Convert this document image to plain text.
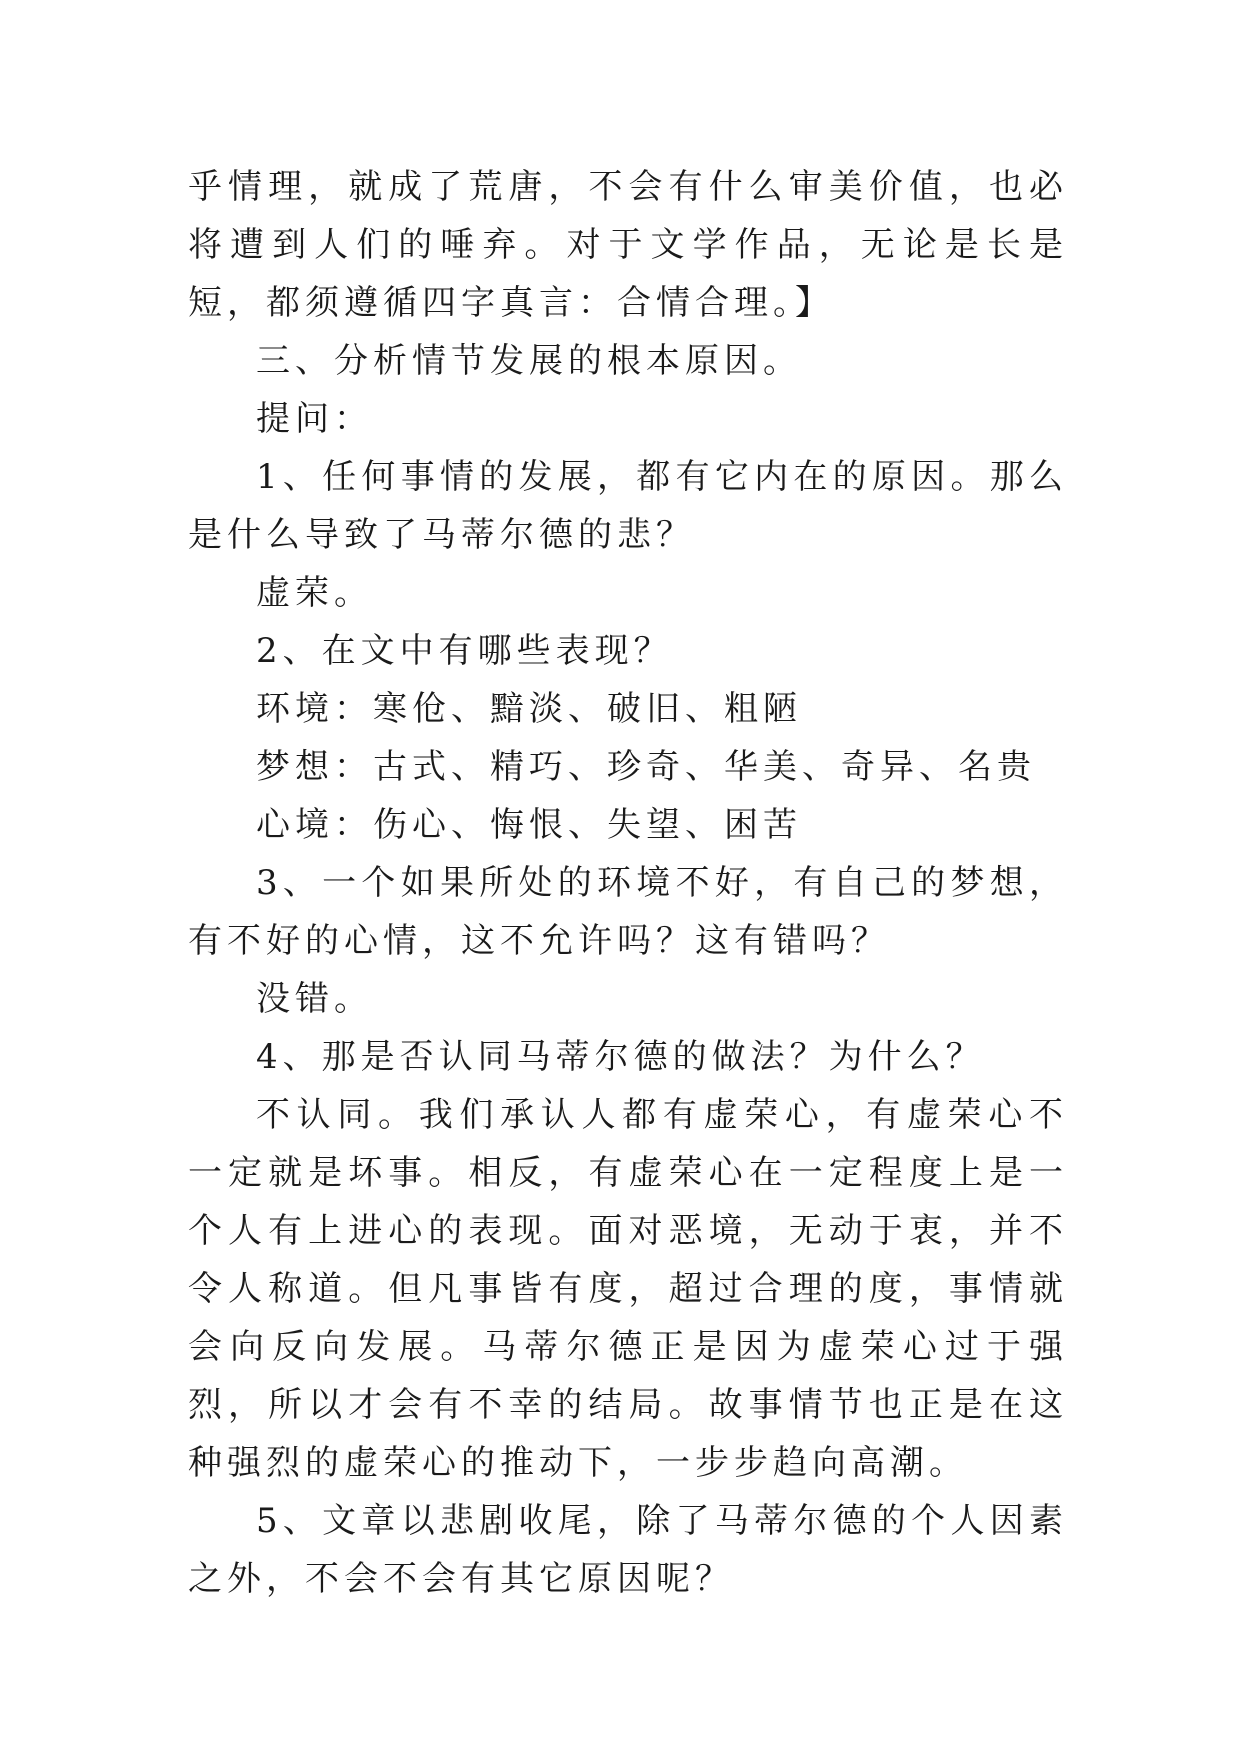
乎情理，就成了荒唐，不会有什么审美价值，也必将遭到人们的唾弃。对于文学作品，无论是长是短，都须遵循四字真言：合情合理。】

三、分析情节发展的根本原因。

提问：

1、任何事情的发展，都有它内在的原因。那么是什么导致了马蒂尔德的悲？

虚荣。

2、在文中有哪些表现？

环境：寒伧、黯淡、破旧、粗陋

梦想：古式、精巧、珍奇、华美、奇异、名贵

心境：伤心、悔恨、失望、困苦

3、一个如果所处的环境不好，有自己的梦想，有不好的心情，这不允许吗？这有错吗？

没错。

4、那是否认同马蒂尔德的做法？为什么？

不认同。我们承认人都有虚荣心，有虚荣心不一定就是坏事。相反，有虚荣心在一定程度上是一个人有上进心的表现。面对恶境，无动于衷，并不令人称道。但凡事皆有度，超过合理的度，事情就会向反向发展。马蒂尔德正是因为虚荣心过于强烈，所以才会有不幸的结局。故事情节也正是在这种强烈的虚荣心的推动下，一步步趋向高潮。

5、文章以悲剧收尾，除了马蒂尔德的个人因素之外，不会不会有其它原因呢？
